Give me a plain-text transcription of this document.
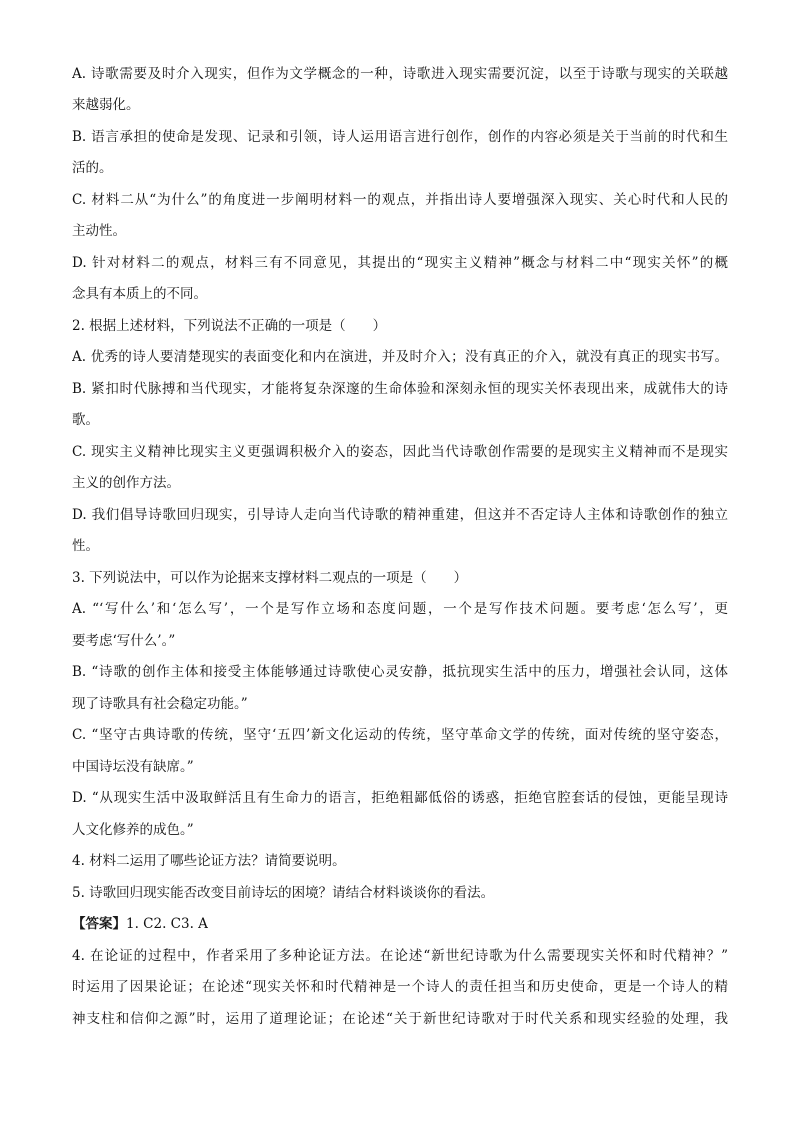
A. 诗歌需要及时介入现实，但作为文学概念的一种，诗歌进入现实需要沉淀，以至于诗歌与现实的关联越
来越弱化。
B. 语言承担的使命是发现、记录和引领，诗人运用语言进行创作，创作的内容必须是关于当前的时代和生
活的。
C. 材料二从“为什么”的角度进一步阐明材料一的观点，并指出诗人要增强深入现实、关心时代和人民的
主动性。
D. 针对材料二的观点，材料三有不同意见，其提出的“现实主义精神”概念与材料二中“现实关怀”的概
念具有本质上的不同。
2. 根据上述材料，下列说法不正确的一项是（　　）
A. 优秀的诗人要清楚现实的表面变化和内在演进，并及时介入；没有真正的介入，就没有真正的现实书写。
B. 紧扣时代脉搏和当代现实，才能将复杂深邃的生命体验和深刻永恒的现实关怀表现出来，成就伟大的诗
歌。
C. 现实主义精神比现实主义更强调积极介入的姿态，因此当代诗歌创作需要的是现实主义精神而不是现实
主义的创作方法。
D. 我们倡导诗歌回归现实，引导诗人走向当代诗歌的精神重建，但这并不否定诗人主体和诗歌创作的独立
性。
3. 下列说法中，可以作为论据来支撑材料二观点的一项是（　　）
A. “‘写什么’和‘怎么写’，一个是写作立场和态度问题，一个是写作技术问题。要考虑‘怎么写’，更
要考虑‘写什么’。”
B. “诗歌的创作主体和接受主体能够通过诗歌使心灵安静，抵抗现实生活中的压力，增强社会认同，这体
现了诗歌具有社会稳定功能。”
C. “坚守古典诗歌的传统，坚守‘五四’新文化运动的传统，坚守革命文学的传统，面对传统的坚守姿态，
中国诗坛没有缺席。”
D. “从现实生活中汲取鲜活且有生命力的语言，拒绝粗鄙低俗的诱惑，拒绝官腔套话的侵蚀，更能呈现诗
人文化修养的成色。”
4. 材料二运用了哪些论证方法？请简要说明。
5. 诗歌回归现实能否改变目前诗坛的困境？请结合材料谈谈你的看法。
【答案】1. C2. C3. A
4. 在论证的过程中，作者采用了多种论证方法。在论述“新世纪诗歌为什么需要现实关怀和时代精神？”
时运用了因果论证；在论述“现实关怀和时代精神是一个诗人的责任担当和历史使命，更是一个诗人的精
神支柱和信仰之源”时，运用了道理论证；在论述“关于新世纪诗歌对于时代关系和现实经验的处理，我
